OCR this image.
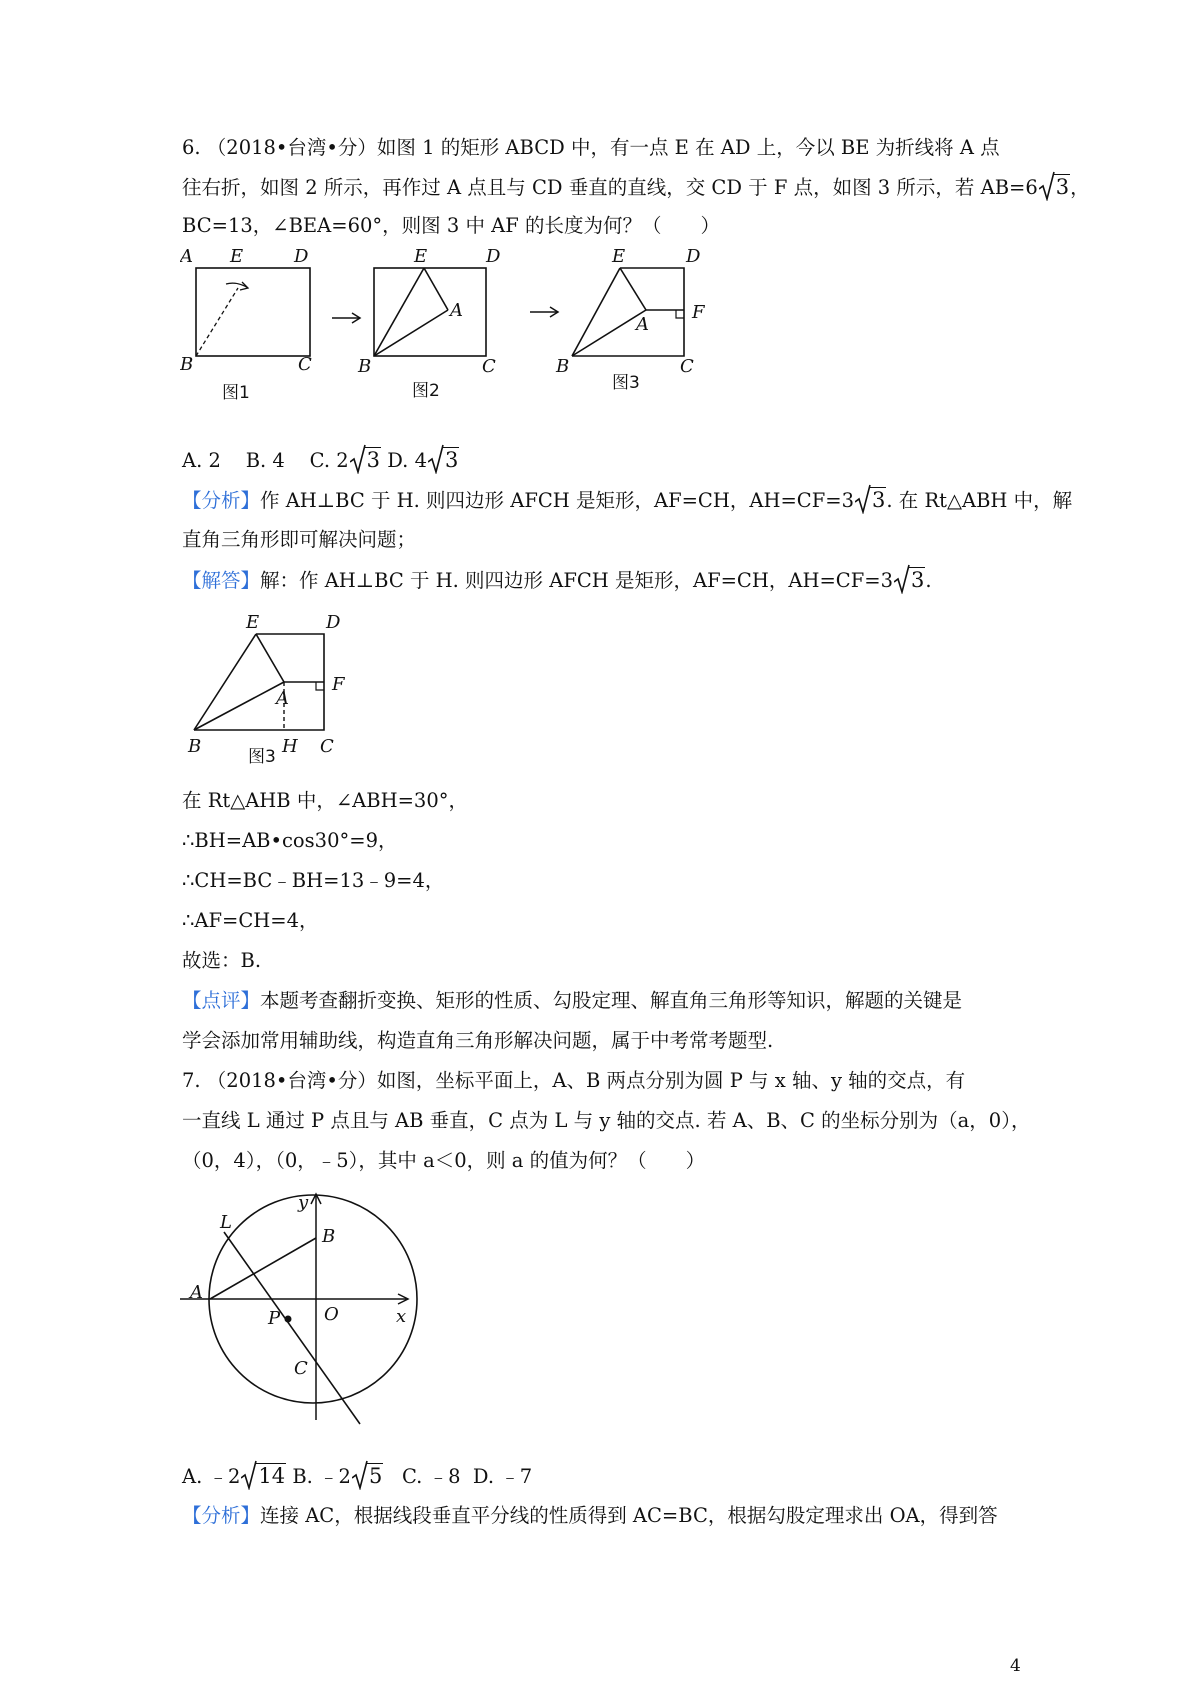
6. （2018•台湾•分）如图 1 的矩形 ABCD 中，有一点 E 在 AD 上，今以 BE 为折线将 A 点
往右折，如图 2 所示，再作过 A 点且与 CD 垂直的直线，交 CD 于 F 点，如图 3 所示，若 AB=6 3，
BC=13，∠BEA=60°，则图 3 中 AF 的长度为何？（　　）
A E	D
B	C
图1
E	D
A
B	C
图2
E	D
F
A
B	C
图3
A. 2 B. 4 C. 2 3 D. 4 3
【分析】作 AH⊥BC 于 H. 则四边形 AFCH 是矩形，AF=CH，AH=CF=3 3. 在 Rt△ABH 中，解
直角三角形即可解决问题；
【解答】解：作 AH⊥BC 于 H. 则四边形 AFCH 是矩形，AF=CH，AH=CF=3 3.
E	D
F
A
B	H C
图3
在 Rt△AHB 中，∠ABH=30°，
∴BH=AB•cos30°=9，
∴CH=BC﹣BH=13﹣9=4，
∴AF=CH=4，
故选：B.
【点评】本题考查翻折变换、矩形的性质、勾股定理、解直角三角形等知识，解题的关键是
学会添加常用辅助线，构造直角三角形解决问题，属于中考常考题型.
7. （2018•台湾•分）如图，坐标平面上，A、B 两点分别为圆 P 与 x 轴、y 轴的交点，有
一直线 L 通过 P 点且与 AB 垂直，C 点为 L 与 y 轴的交点. 若 A、B、C 的坐标分别为（a，0），
（0，4），（0，﹣5），其中 a＜0，则 a 的值为何？（　　）
y
x
L
B
A
O
P
C
A. ﹣2 14 B. ﹣2 5 C. ﹣8 D. ﹣7
【分析】连接 AC，根据线段垂直平分线的性质得到 AC=BC，根据勾股定理求出 OA，得到答
4
